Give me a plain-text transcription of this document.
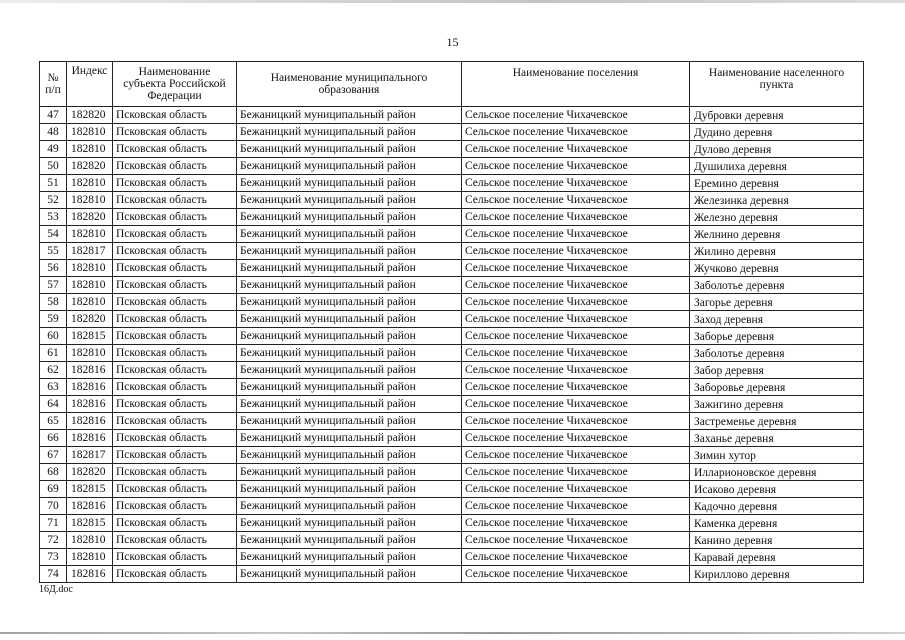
15
№ п/п	Индекс	Наименование субъекта Российской Федерации	Наименование муниципального образования	Наименование поселения	Наименование населенного пункта
47	182820	Псковская область	Бежаницкий муниципальный район	Сельское поселение Чихачевское	Дубровки деревня
48	182810	Псковская область	Бежаницкий муниципальный район	Сельское поселение Чихачевское	Дудино деревня
49	182810	Псковская область	Бежаницкий муниципальный район	Сельское поселение Чихачевское	Дулово деревня
50	182820	Псковская область	Бежаницкий муниципальный район	Сельское поселение Чихачевское	Душилиха деревня
51	182810	Псковская область	Бежаницкий муниципальный район	Сельское поселение Чихачевское	Еремино деревня
52	182810	Псковская область	Бежаницкий муниципальный район	Сельское поселение Чихачевское	Железинка деревня
53	182820	Псковская область	Бежаницкий муниципальный район	Сельское поселение Чихачевское	Железно деревня
54	182810	Псковская область	Бежаницкий муниципальный район	Сельское поселение Чихачевское	Желнино деревня
55	182817	Псковская область	Бежаницкий муниципальный район	Сельское поселение Чихачевское	Жилино деревня
56	182810	Псковская область	Бежаницкий муниципальный район	Сельское поселение Чихачевское	Жучково деревня
57	182810	Псковская область	Бежаницкий муниципальный район	Сельское поселение Чихачевское	Заболотье деревня
58	182810	Псковская область	Бежаницкий муниципальный район	Сельское поселение Чихачевское	Загорье деревня
59	182820	Псковская область	Бежаницкий муниципальный район	Сельское поселение Чихачевское	Заход деревня
60	182815	Псковская область	Бежаницкий муниципальный район	Сельское поселение Чихачевское	Заборье деревня
61	182810	Псковская область	Бежаницкий муниципальный район	Сельское поселение Чихачевское	Заболотье деревня
62	182816	Псковская область	Бежаницкий муниципальный район	Сельское поселение Чихачевское	Забор деревня
63	182816	Псковская область	Бежаницкий муниципальный район	Сельское поселение Чихачевское	Заборовье деревня
64	182816	Псковская область	Бежаницкий муниципальный район	Сельское поселение Чихачевское	Зажигино деревня
65	182816	Псковская область	Бежаницкий муниципальный район	Сельское поселение Чихачевское	Застременье деревня
66	182816	Псковская область	Бежаницкий муниципальный район	Сельское поселение Чихачевское	Заханье деревня
67	182817	Псковская область	Бежаницкий муниципальный район	Сельское поселение Чихачевское	Зимин хутор
68	182820	Псковская область	Бежаницкий муниципальный район	Сельское поселение Чихачевское	Илларионовское деревня
69	182815	Псковская область	Бежаницкий муниципальный район	Сельское поселение Чихачевское	Исаково деревня
70	182816	Псковская область	Бежаницкий муниципальный район	Сельское поселение Чихачевское	Кадочно деревня
71	182815	Псковская область	Бежаницкий муниципальный район	Сельское поселение Чихачевское	Каменка деревня
72	182810	Псковская область	Бежаницкий муниципальный район	Сельское поселение Чихачевское	Канино деревня
73	182810	Псковская область	Бежаницкий муниципальный район	Сельское поселение Чихачевское	Каравай деревня
74	182816	Псковская область	Бежаницкий муниципальный район	Сельское поселение Чихачевское	Кириллово деревня
16Д.doc
